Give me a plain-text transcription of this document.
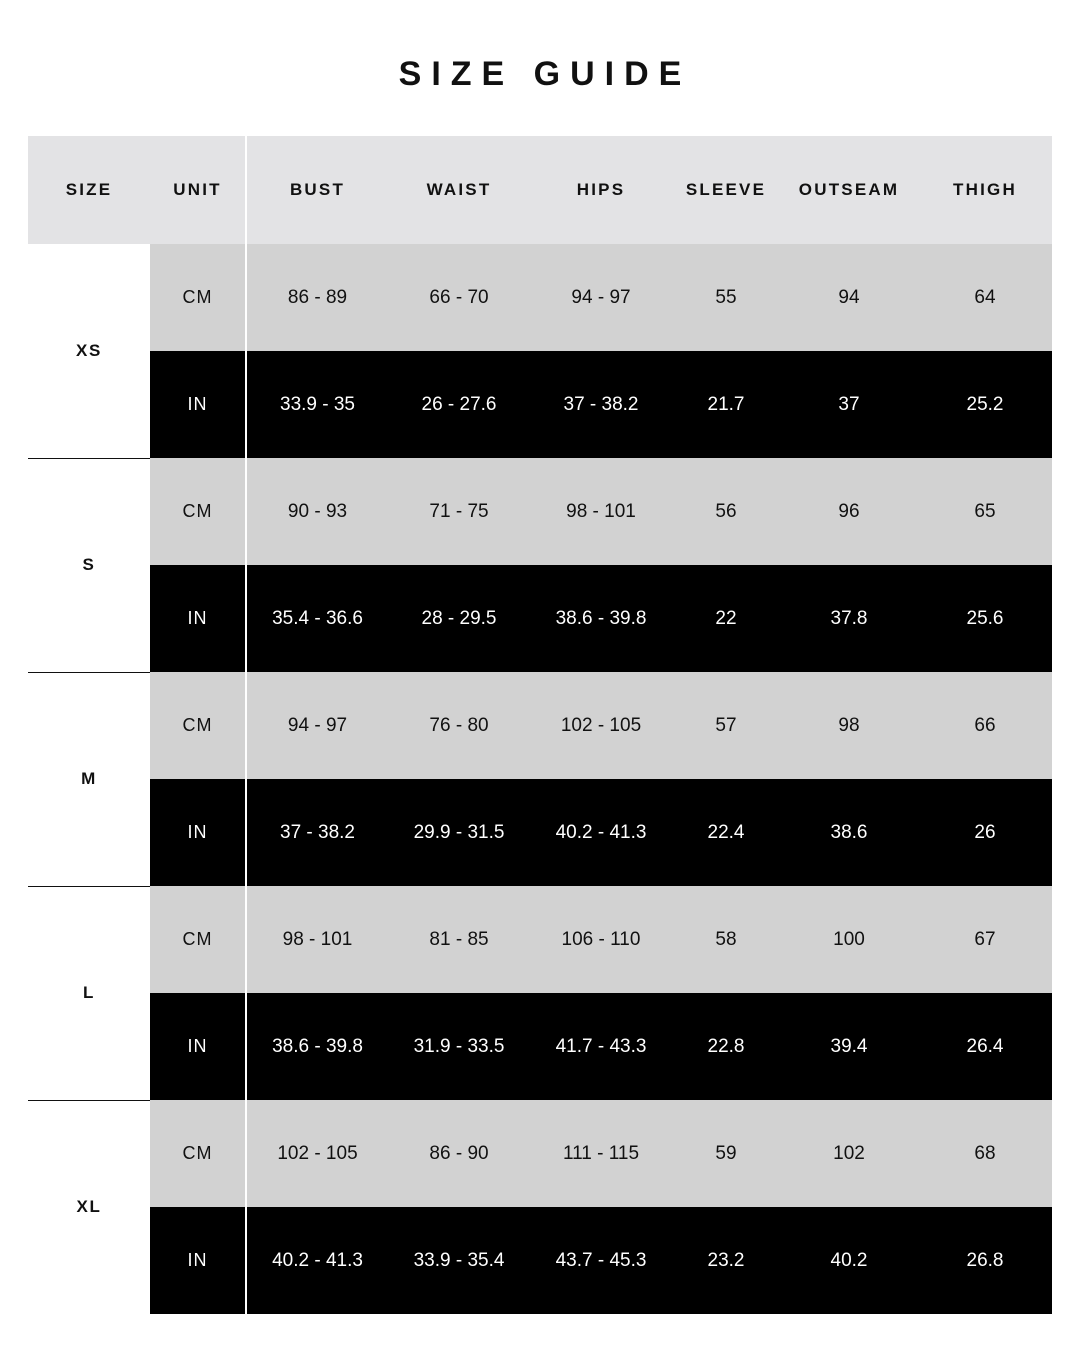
SIZE GUIDE
SIZE	UNIT	BUST	WAIST	HIPS	SLEEVE	OUTSEAM	THIGH
XS	CM	86 - 89	66 - 70	94 - 97	55	94	64
	IN	33.9 - 35	26 - 27.6	37 - 38.2	21.7	37	25.2
S	CM	90 - 93	71 - 75	98 - 101	56	96	65
	IN	35.4 - 36.6	28 - 29.5	38.6 - 39.8	22	37.8	25.6
M	CM	94 - 97	76 - 80	102 - 105	57	98	66
	IN	37 - 38.2	29.9 - 31.5	40.2 - 41.3	22.4	38.6	26
L	CM	98 - 101	81 - 85	106 - 110	58	100	67
	IN	38.6 - 39.8	31.9 - 33.5	41.7 - 43.3	22.8	39.4	26.4
XL	CM	102 - 105	86 - 90	111 - 115	59	102	68
	IN	40.2 - 41.3	33.9 - 35.4	43.7 - 45.3	23.2	40.2	26.8
